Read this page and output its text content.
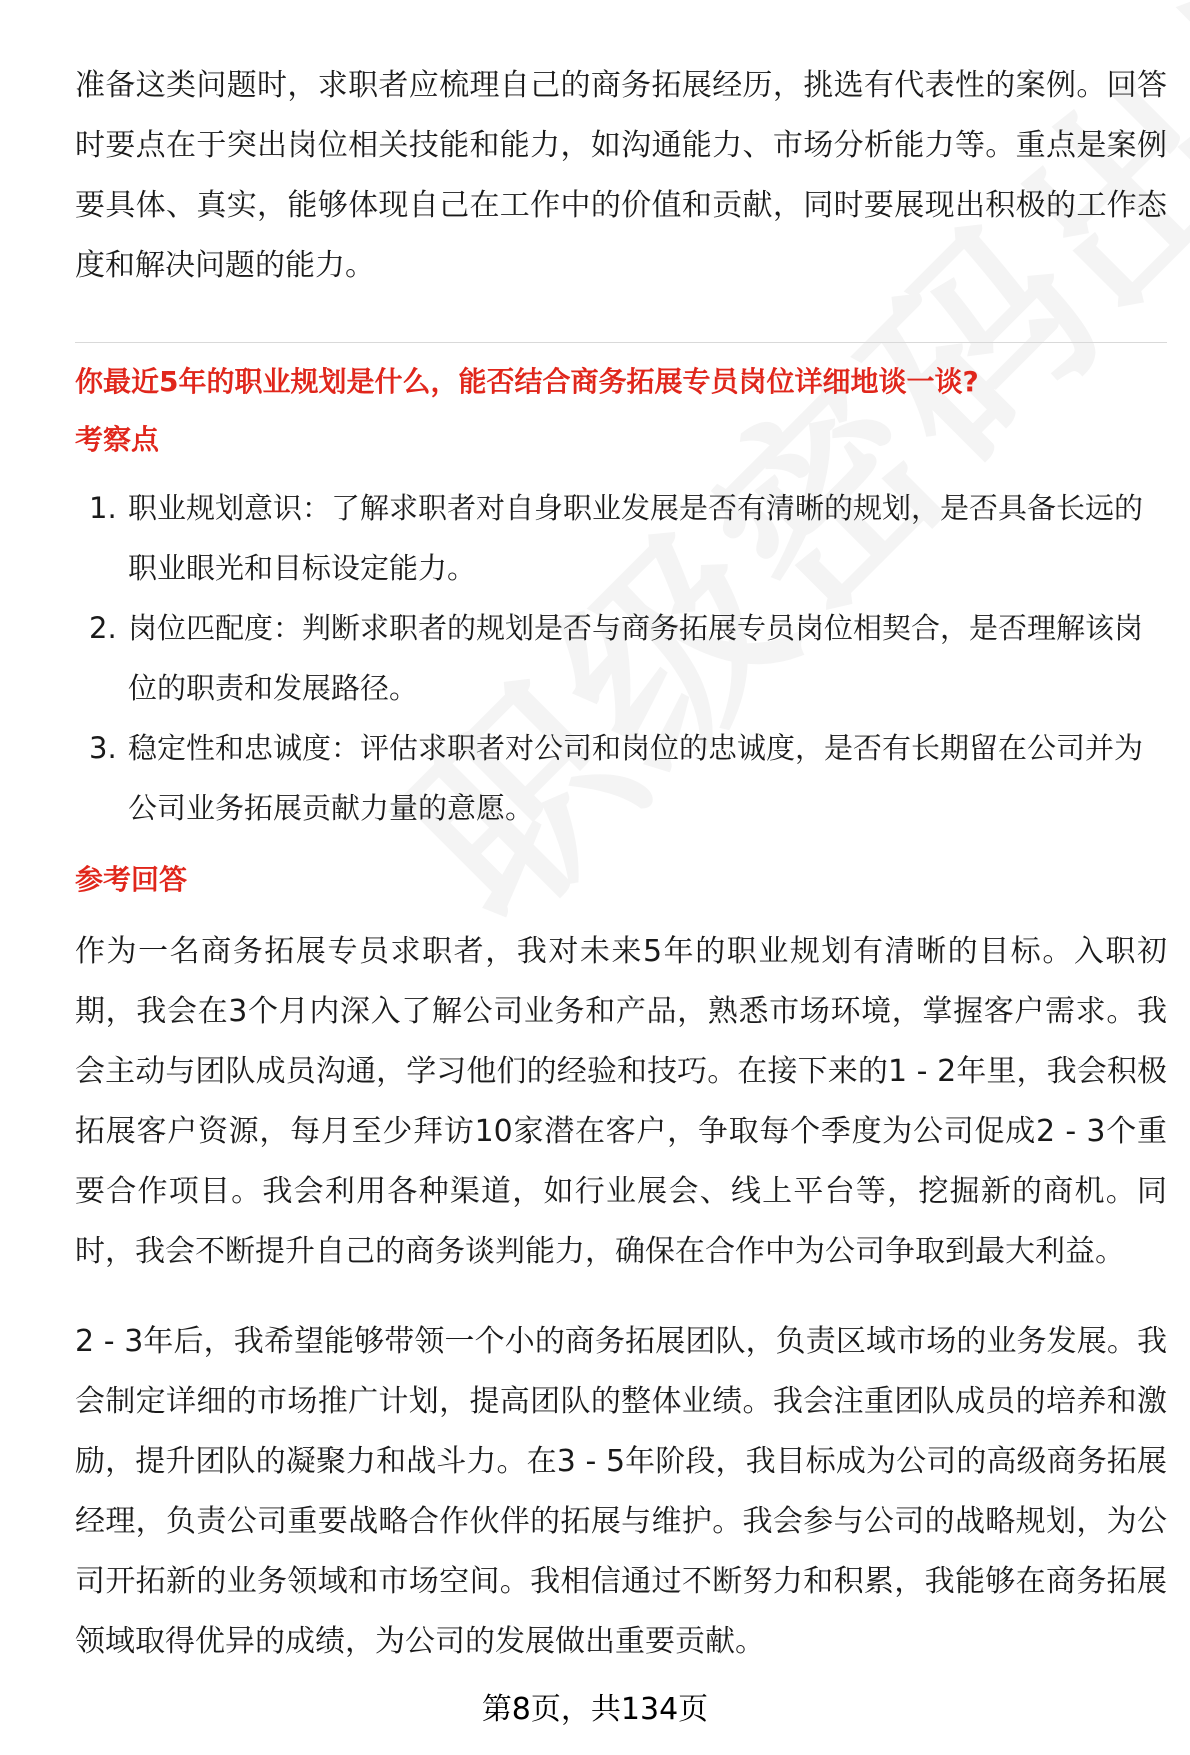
准备这类问题时，求职者应梳理自己的商务拓展经历，挑选有代表性的案例。回答时要点在于突出岗位相关技能和能力，如沟通能力、市场分析能力等。重点是案例要具体、真实，能够体现自己在工作中的价值和贡献，同时要展现出积极的工作态度和解决问题的能力。

你最近5年的职业规划是什么，能否结合商务拓展专员岗位详细地谈一谈?
考察点
1. 职业规划意识：了解求职者对自身职业发展是否有清晰的规划，是否具备长远的职业眼光和目标设定能力。
2. 岗位匹配度：判断求职者的规划是否与商务拓展专员岗位相契合，是否理解该岗位的职责和发展路径。
3. 稳定性和忠诚度：评估求职者对公司和岗位的忠诚度，是否有长期留在公司并为公司业务拓展贡献力量的意愿。
参考回答

作为一名商务拓展专员求职者，我对未来5年的职业规划有清晰的目标。入职初期，我会在3个月内深入了解公司业务和产品，熟悉市场环境，掌握客户需求。我会主动与团队成员沟通，学习他们的经验和技巧。在接下来的1 - 2年里，我会积极拓展客户资源，每月至少拜访10家潜在客户，争取每个季度为公司促成2 - 3个重要合作项目。我会利用各种渠道，如行业展会、线上平台等，挖掘新的商机。同时，我会不断提升自己的商务谈判能力，确保在合作中为公司争取到最大利益。

2 - 3年后，我希望能够带领一个小的商务拓展团队，负责区域市场的业务发展。我会制定详细的市场推广计划，提高团队的整体业绩。我会注重团队成员的培养和激励，提升团队的凝聚力和战斗力。在3 - 5年阶段，我目标成为公司的高级商务拓展经理，负责公司重要战略合作伙伴的拓展与维护。我会参与公司的战略规划，为公司开拓新的业务领域和市场空间。我相信通过不断努力和积累，我能够在商务拓展领域取得优异的成绩，为公司的发展做出重要贡献。

第8页，共134页
